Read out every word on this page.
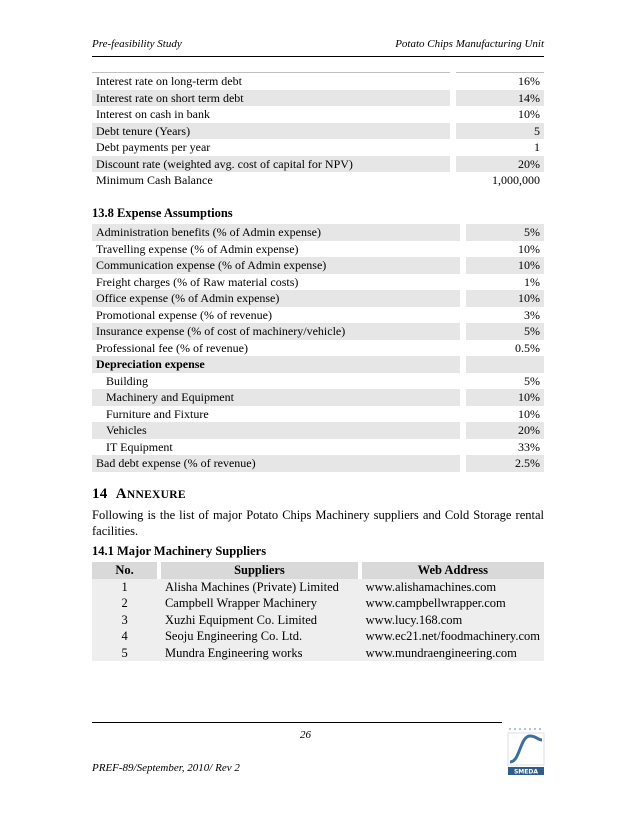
Pre-feasibility Study	Potato Chips Manufacturing Unit
Interest rate on long-term debt		16%
Interest rate on short term debt		14%
Interest on cash in bank		10%
Debt tenure (Years)		5
Debt payments per year		1
Discount rate (weighted avg. cost of capital for NPV)		20%
Minimum Cash Balance		1,000,000
13.8 Expense Assumptions
Administration benefits (% of Admin expense)		5%
Travelling expense (% of Admin expense)		10%
Communication expense (% of Admin expense)		10%
Freight charges (% of Raw material costs)		1%
Office expense (% of Admin expense)		10%
Promotional expense (% of revenue)		3%
Insurance expense (% of cost of machinery/vehicle)		5%
Professional fee (% of revenue)		0.5%
Depreciation expense		
Building		5%
Machinery and Equipment		10%
Furniture and Fixture		10%
Vehicles		20%
IT Equipment		33%
Bad debt expense (% of revenue)		2.5%
14 ANNEXURE
Following is the list of major Potato Chips Machinery suppliers and Cold Storage rental facilities.
14.1 Major Machinery Suppliers
No.		Suppliers		Web Address
1		Alisha Machines (Private) Limited		www.alishamachines.com
2		Campbell Wrapper Machinery		www.campbellwrapper.com
3		Xuzhi Equipment Co. Limited		www.lucy.168.com
4		Seoju Engineering Co. Ltd.		www.ec21.net/foodmachinery.com
5		Mundra Engineering works		www.mundraengineering.com
26
PREF-89/September, 2010/ Rev 2	SMEDA
